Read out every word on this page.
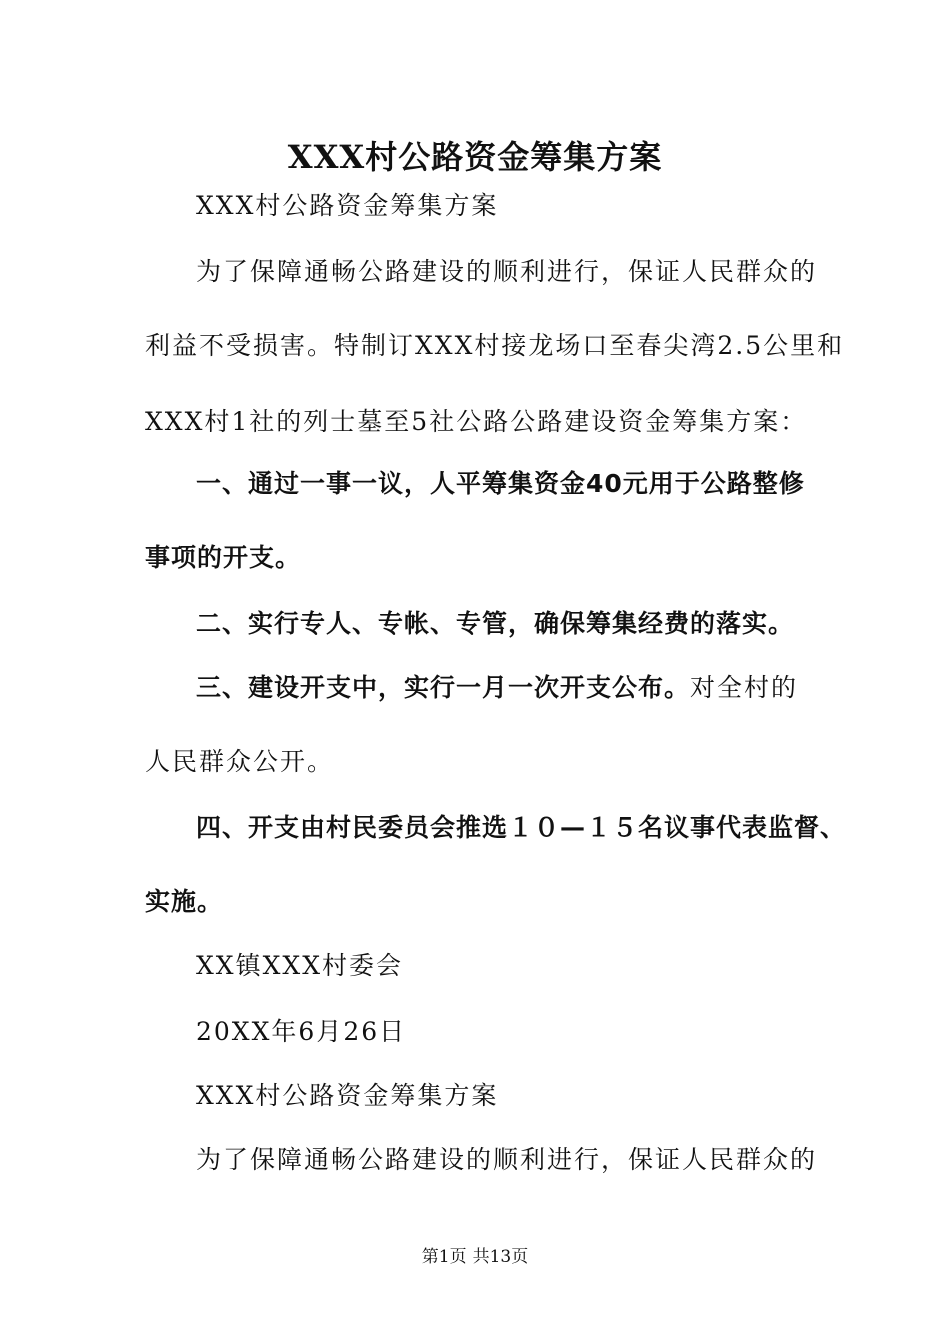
XXX村公路资金筹集方案
XXX村公路资金筹集方案
为了保障通畅公路建设的顺利进行，保证人民群众的
利益不受损害。特制订XXX村接龙场口至春尖湾2.5公里和
XXX村1社的列士墓至5社公路公路建设资金筹集方案：
一、通过一事一议，人平筹集资金40元用于公路整修
事项的开支。
二、实行专人、专帐、专管，确保筹集经费的落实。
三、建设开支中，实行一月一次开支公布。对全村的
人民群众公开。
四、开支由村民委员会推选１０—１５名议事代表监督、
实施。
XX镇XXX村委会
20XX年6月26日
XXX村公路资金筹集方案
为了保障通畅公路建设的顺利进行，保证人民群众的
第1页 共13页
